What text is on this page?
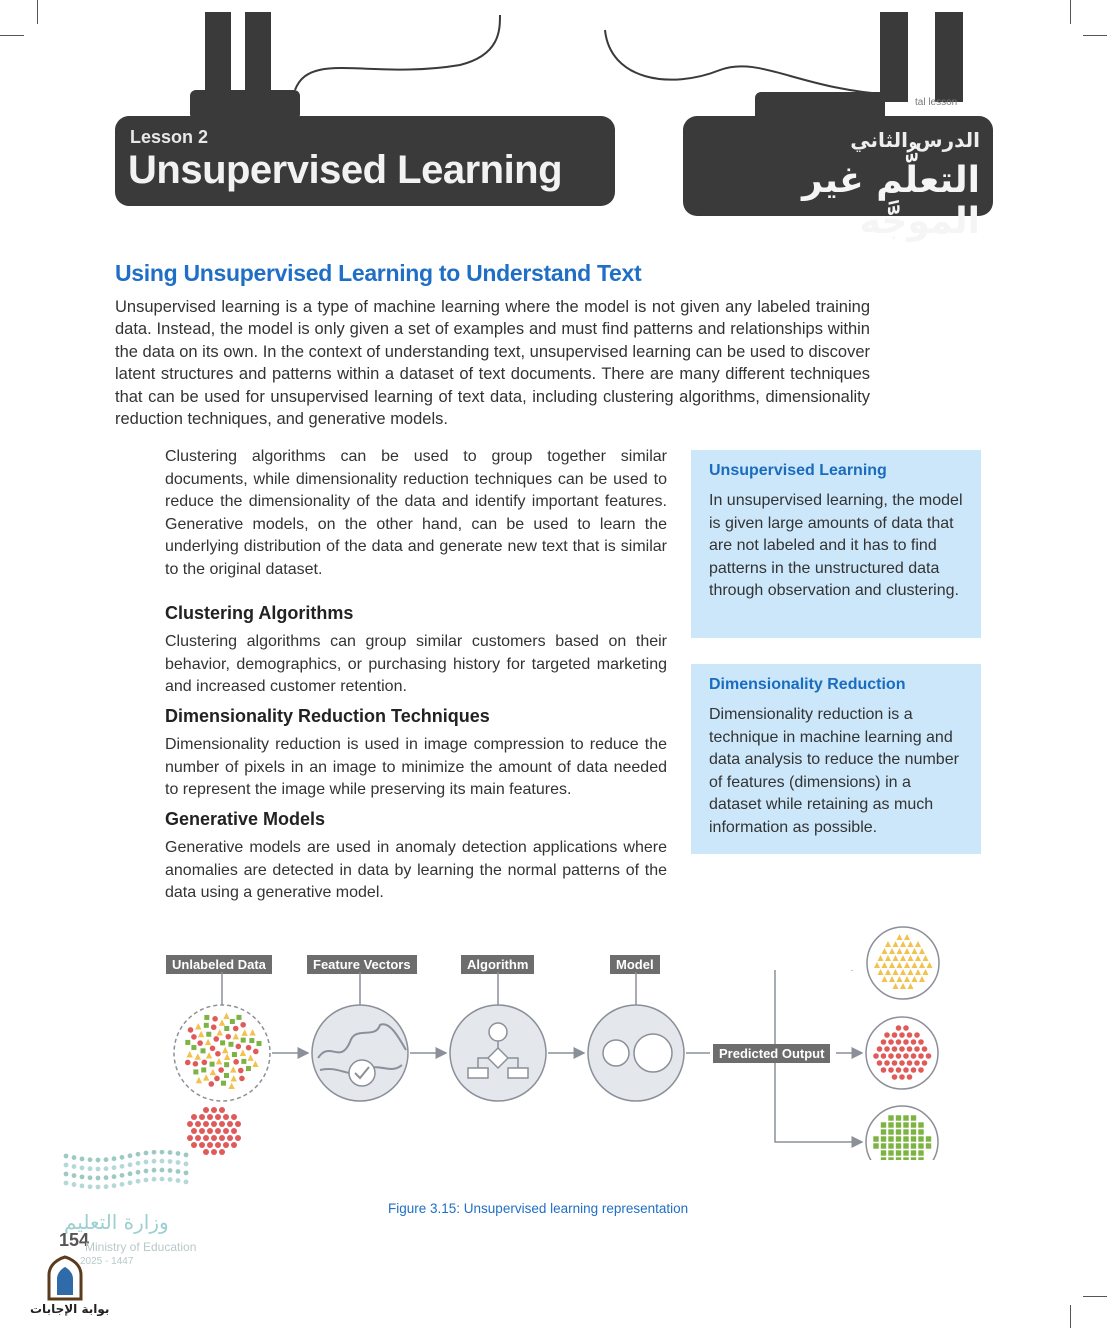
tal lesson
Lesson 2
Unsupervised Learning
الدرس الثاني
التعلُّم غير الموجَّه
Using Unsupervised Learning to Understand Text
Unsupervised learning is a type of machine learning where the model is not given any labeled training data. Instead, the model is only given a set of examples and must find patterns and relationships within the data on its own. In the context of understanding text, unsupervised learning can be used to discover latent structures and patterns within a dataset of text documents. There are many different techniques that can be used for unsupervised learning of text data, including clustering algorithms, dimensionality reduction techniques, and generative models.
Clustering algorithms can be used to group together similar documents, while dimensionality reduction techniques can be used to reduce the dimensionality of the data and identify important features. Generative models, on the other hand, can be used to learn the underlying distribution of the data and generate new text that is similar to the original dataset.
Clustering Algorithms
Clustering algorithms can group similar customers based on their behavior, demographics, or purchasing history for targeted marketing and increased customer retention.
Dimensionality Reduction Techniques
Dimensionality reduction is used in image compression to reduce the number of pixels in an image to minimize the amount of data needed to represent the image while preserving its main features.
Generative Models
Generative models are used in anomaly detection applications where anomalies are detected in data by learning the normal patterns of the data using a generative model.
Unsupervised Learning
In unsupervised learning, the model is given large amounts of data that are not labeled and it has to find patterns in the unstructured data through observation and clustering.
Dimensionality Reduction
Dimensionality reduction is a technique in machine learning and data analysis to reduce the number of features (dimensions) in a dataset while retaining as much information as possible.
Unlabeled Data	Feature Vectors	Algorithm	Model
Predicted Output
Figure 3.15: Unsupervised learning representation
وزارة التعليم
154
Ministry of Education
2025 - 1447
بوابة الإجابات
